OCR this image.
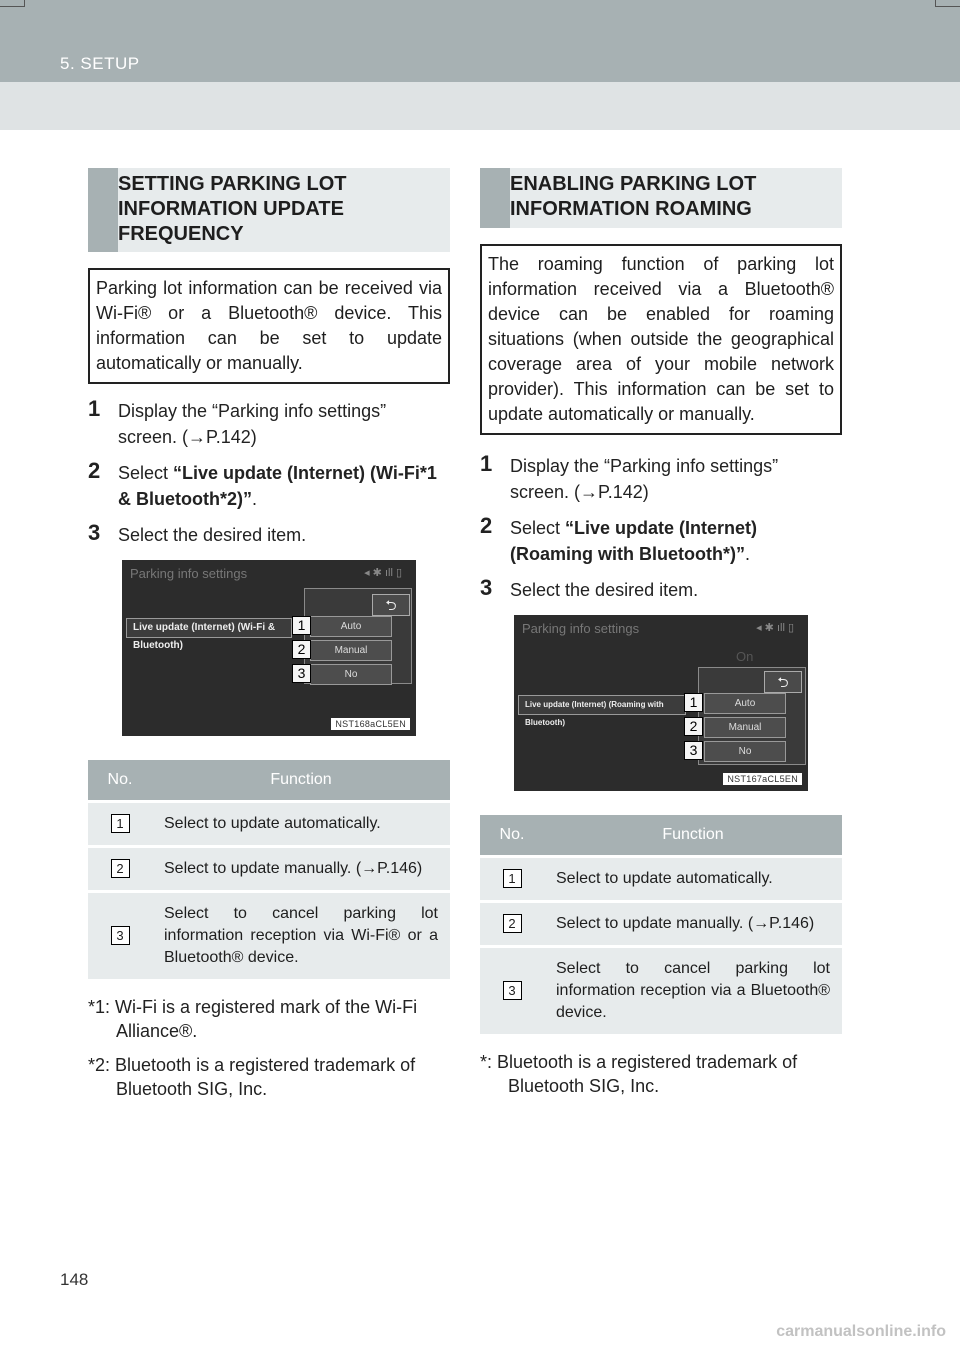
5. SETUP
SETTING PARKING LOT INFORMATION UPDATE FREQUENCY
Parking lot information can be received via Wi-Fi® or a Bluetooth® device. This information can be set to update automatically or manually.
1 Display the “Parking info settings” screen. (→P.142)
2 Select “Live update (Internet) (Wi-Fi*1 & Bluetooth*2)”.
3 Select the desired item.
Parking info settings	◂ ✱ ıll ▯
⮌
Live update (Internet) (Wi-Fi & Bluetooth)
Auto
Manual
No
1
2
3
NST168aCL5EN
No.	Function
1	Select to update automatically.
2	Select to update manually. (→P.146)
3	Select to cancel parking lot information reception via Wi-Fi® or a Bluetooth® device.

*1: Wi-Fi is a registered mark of the Wi-Fi Alliance®.

*2: Bluetooth is a registered trademark of Bluetooth SIG, Inc.

ENABLING PARKING LOT INFORMATION ROAMING
The roaming function of parking lot information received via a Bluetooth® device can be enabled for roaming situations (when outside the geographical coverage area of your mobile network provider). This information can be set to update automatically or manually.
1 Display the “Parking info settings” screen. (→P.142)
2 Select “Live update (Internet) (Roaming with Bluetooth*)”.
3 Select the desired item.
Parking info settings	◂ ✱ ıll ▯
On
⮌
Live update (Internet) (Roaming with Bluetooth)
Auto
Manual
No
1
2
3
NST167aCL5EN
No.	Function
1	Select to update automatically.
2	Select to update manually. (→P.146)
3	Select to cancel parking lot information reception via a Bluetooth® device.

*: Bluetooth is a registered trademark of Bluetooth SIG, Inc.

148
carmanualsonline.info
